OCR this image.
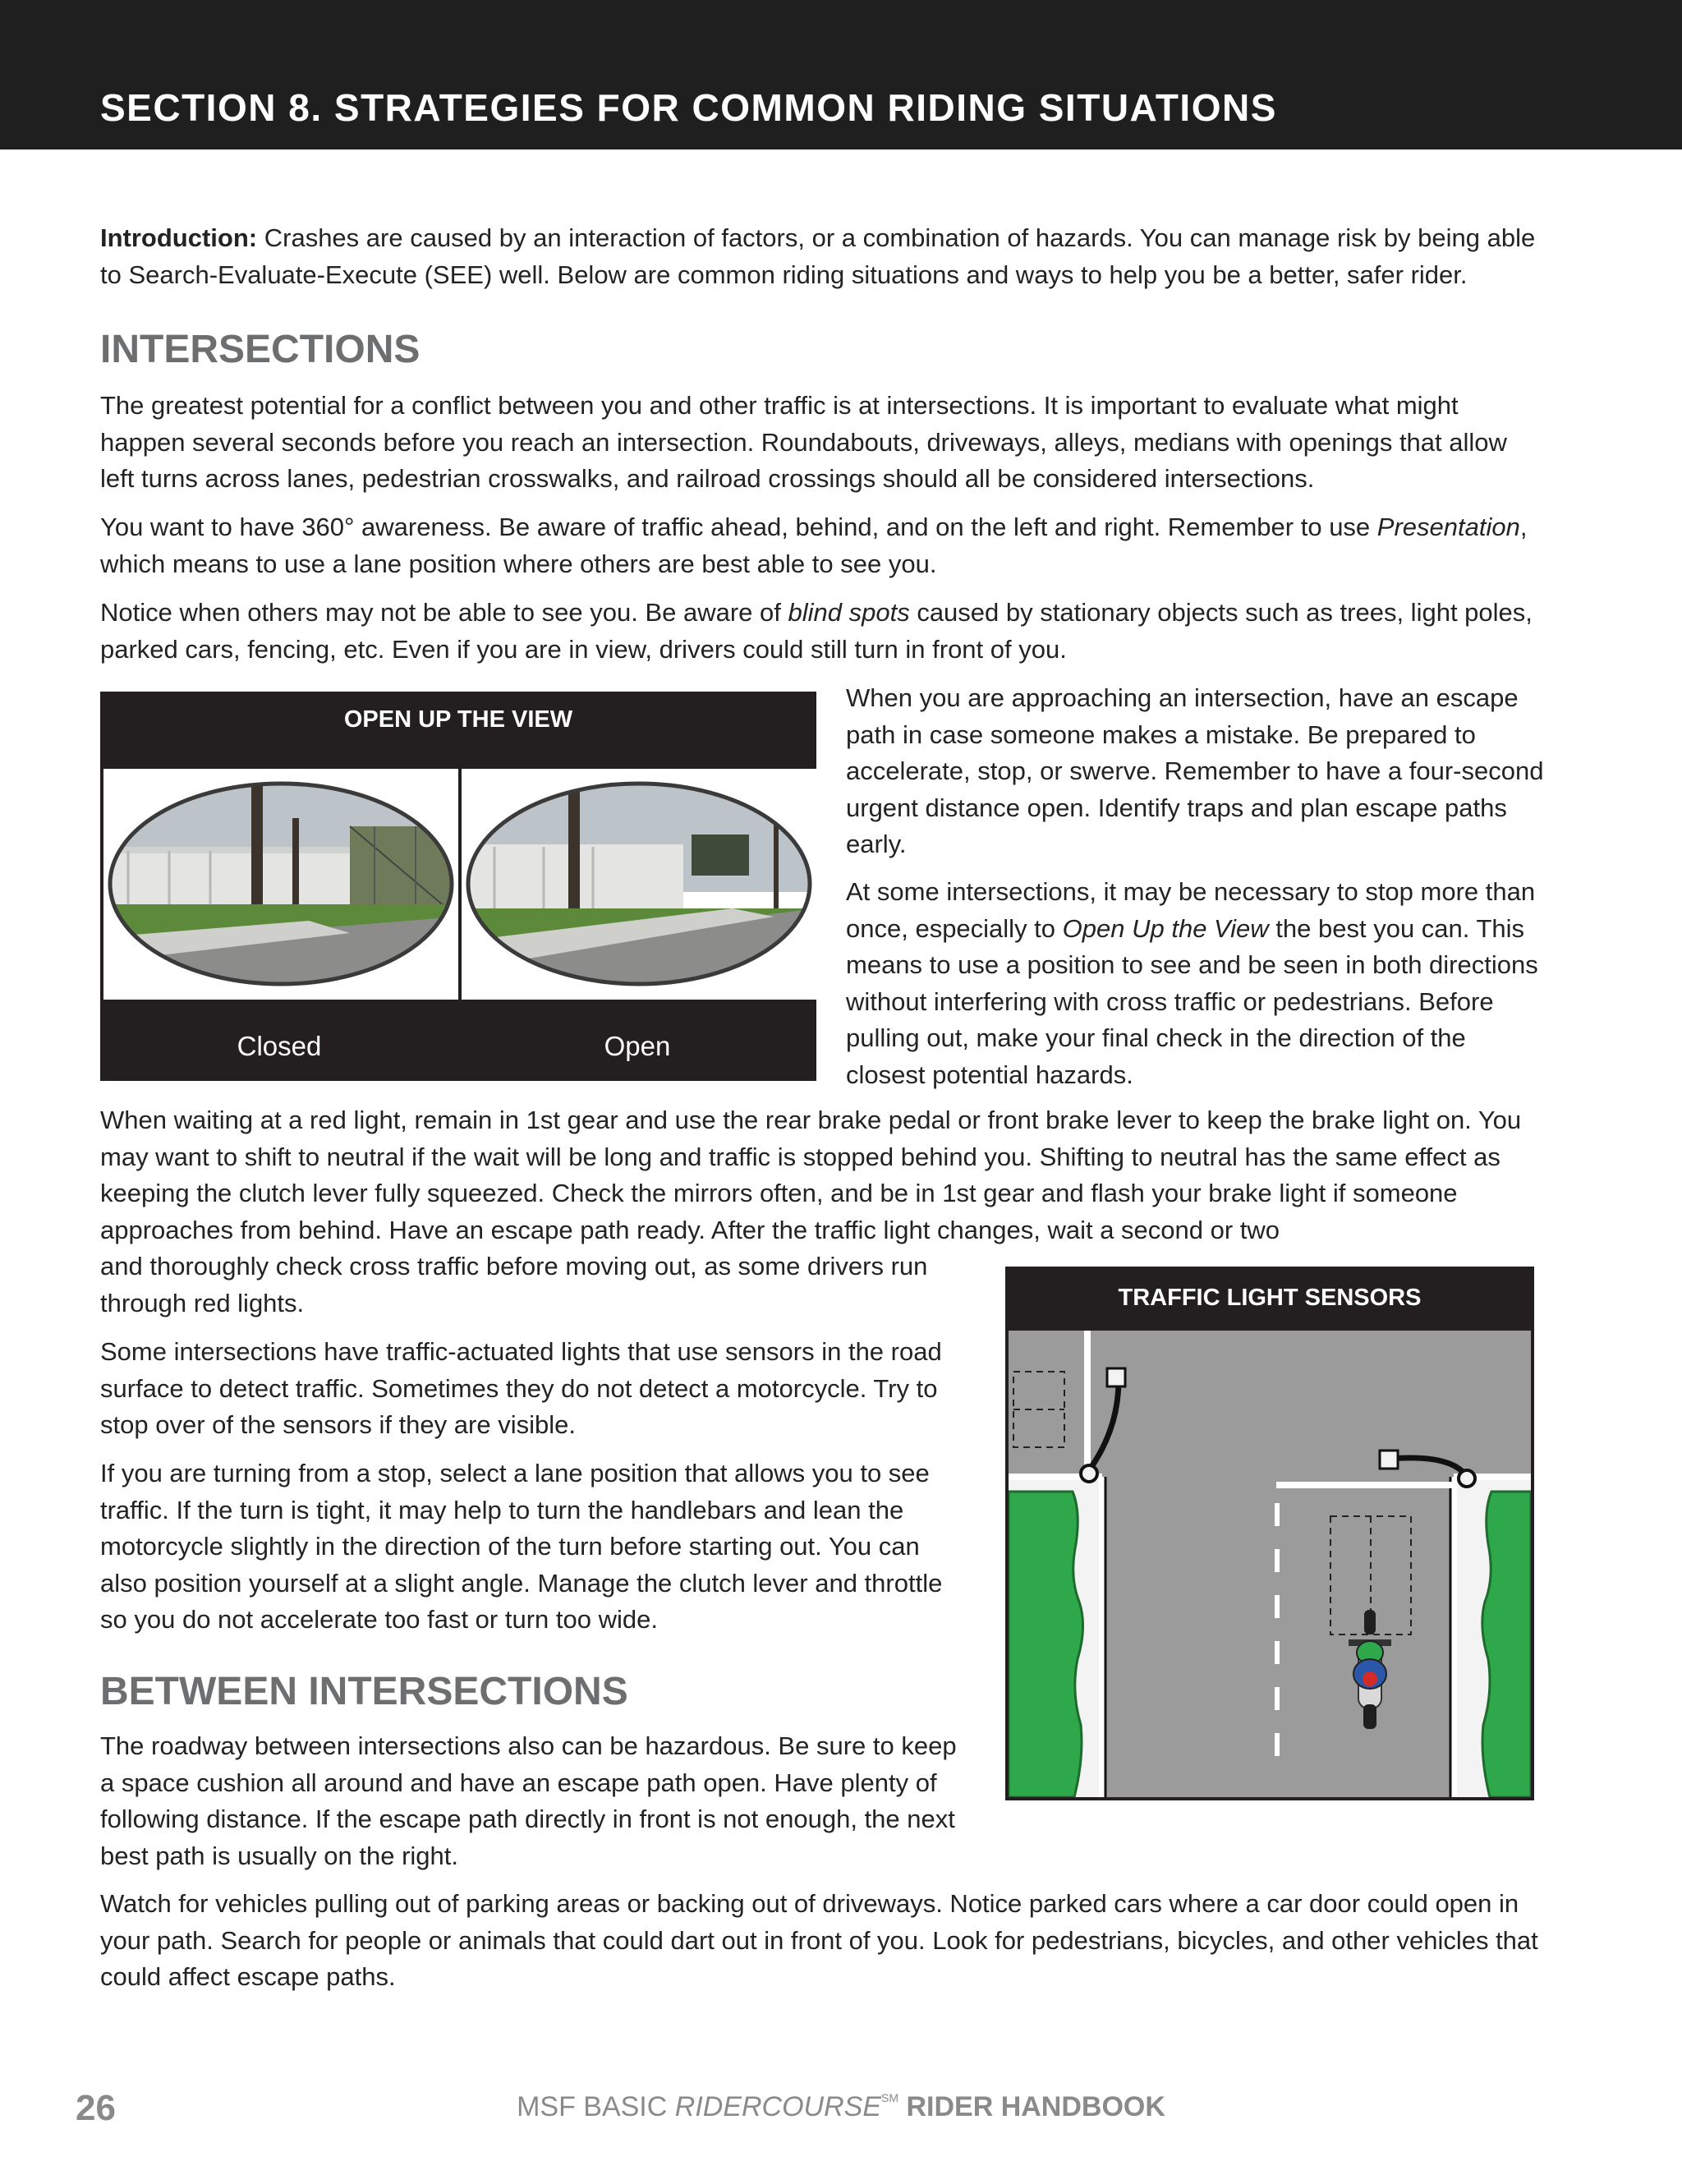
SECTION 8. STRATEGIES FOR COMMON RIDING SITUATIONS

Introduction: Crashes are caused by an interaction of factors, or a combination of hazards. You can manage risk by being able to Search-Evaluate-Execute (SEE) well. Below are common riding situations and ways to help you be a better, safer rider.

INTERSECTIONS

The greatest potential for a conflict between you and other traffic is at intersections. It is important to evaluate what might happen several seconds before you reach an intersection. Roundabouts, driveways, alleys, medians with openings that allow left turns across lanes, pedestrian crosswalks, and railroad crossings should all be considered intersections.

You want to have 360° awareness. Be aware of traffic ahead, behind, and on the left and right. Remember to use Presentation, which means to use a lane position where others are best able to see you.

Notice when others may not be able to see you. Be aware of blind spots caused by stationary objects such as trees, light poles, parked cars, fencing, etc. Even if you are in view, drivers could still turn in front of you.

OPEN UP THE VIEW
Closed	Open

When you are approaching an intersection, have an escape path in case someone makes a mistake. Be prepared to accelerate, stop, or swerve. Remember to have a four-second urgent distance open. Identify traps and plan escape paths early.

At some intersections, it may be necessary to stop more than once, especially to Open Up the View the best you can. This means to use a position to see and be seen in both directions without interfering with cross traffic or pedestrians. Before pulling out, make your final check in the direction of the closest potential hazards.

When waiting at a red light, remain in 1st gear and use the rear brake pedal or front brake lever to keep the brake light on. You may want to shift to neutral if the wait will be long and traffic is stopped behind you. Shifting to neutral has the same effect as keeping the clutch lever fully squeezed. Check the mirrors often, and be in 1st gear and flash your brake light if someone approaches from behind. Have an escape path ready. After the traffic light changes, wait a second or two

and thoroughly check cross traffic before moving out, as some drivers run through red lights.

Some intersections have traffic-actuated lights that use sensors in the road surface to detect traffic. Sometimes they do not detect a motorcycle. Try to stop over of the sensors if they are visible.

If you are turning from a stop, select a lane position that allows you to see traffic. If the turn is tight, it may help to turn the handlebars and lean the motorcycle slightly in the direction of the turn before starting out. You can also position yourself at a slight angle. Manage the clutch lever and throttle so you do not accelerate too fast or turn too wide.

TRAFFIC LIGHT SENSORS
BETWEEN INTERSECTIONS

The roadway between intersections also can be hazardous. Be sure to keep a space cushion all around and have an escape path open. Have plenty of following distance. If the escape path directly in front is not enough, the next best path is usually on the right.

Watch for vehicles pulling out of parking areas or backing out of driveways. Notice parked cars where a car door could open in your path. Search for people or animals that could dart out in front of you. Look for pedestrians, bicycles, and other vehicles that could affect escape paths.

26	MSF BASIC RIDERCOURSE℠ RIDER HANDBOOK
